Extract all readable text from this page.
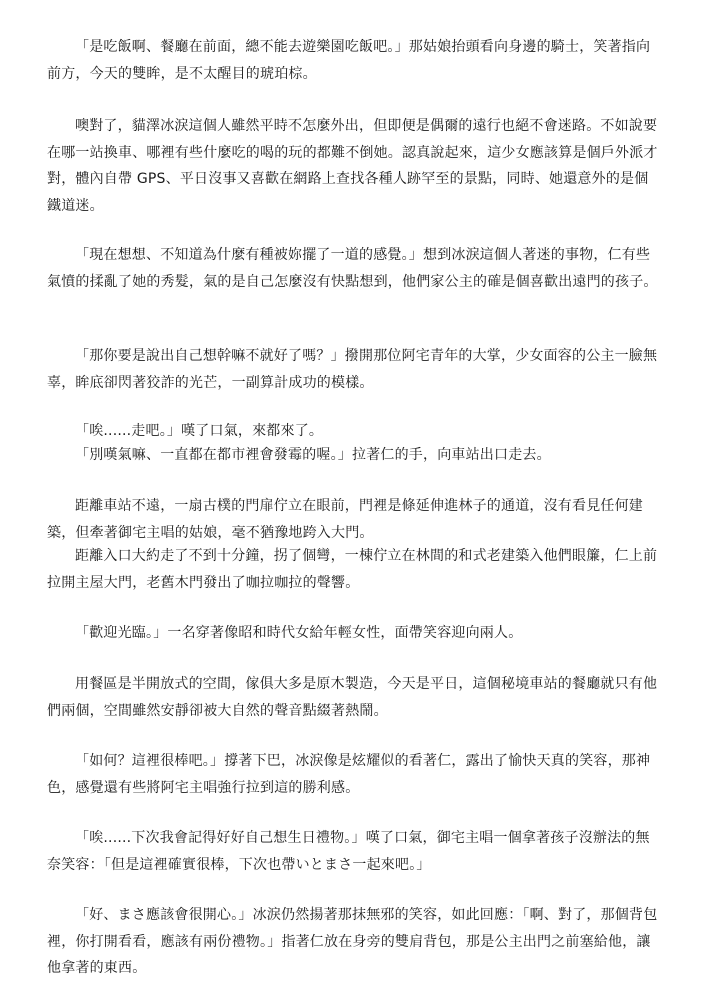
「是吃飯啊、餐廳在前面，總不能去遊樂園吃飯吧。」那姑娘抬頭看向身邊的騎士，笑著指向前方，今天的雙眸，是不太醒目的琥珀棕。

噢對了，貓澤冰淚這個人雖然平時不怎麼外出，但即便是偶爾的遠行也絕不會迷路。不如說要在哪一站換車、哪裡有些什麼吃的喝的玩的都難不倒她。認真說起來，這少女應該算是個戶外派才對，體內自帶 GPS、平日沒事又喜歡在網路上查找各種人跡罕至的景點，同時、她還意外的是個鐵道迷。

「現在想想、不知道為什麼有種被妳擺了一道的感覺。」想到冰淚這個人著迷的事物，仁有些氣憤的揉亂了她的秀髮，氣的是自己怎麼沒有快點想到，他們家公主的確是個喜歡出遠門的孩子。

「那你要是說出自己想幹嘛不就好了嗎？」撥開那位阿宅青年的大掌，少女面容的公主一臉無辜，眸底卻閃著狡詐的光芒，一副算計成功的模樣。

「唉......走吧。」嘆了口氣，來都來了。

「別嘆氣嘛、一直都在都市裡會發霉的喔。」拉著仁的手，向車站出口走去。

距離車站不遠，一扇古樸的門扉佇立在眼前，門裡是條延伸進林子的通道，沒有看見任何建築，但牽著御宅主唱的姑娘，毫不猶豫地跨入大門。

距離入口大約走了不到十分鐘，拐了個彎，一棟佇立在林間的和式老建築入他們眼簾，仁上前拉開主屋大門，老舊木門發出了咖拉咖拉的聲響。

「歡迎光臨。」一名穿著像昭和時代女給年輕女性，面帶笑容迎向兩人。

用餐區是半開放式的空間，傢俱大多是原木製造，今天是平日，這個秘境車站的餐廳就只有他們兩個，空間雖然安靜卻被大自然的聲音點綴著熱鬧。

「如何？這裡很棒吧。」撐著下巴，冰淚像是炫耀似的看著仁，露出了愉快天真的笑容，那神色，感覺還有些將阿宅主唱強行拉到這的勝利感。

「唉......下次我會記得好好自己想生日禮物。」嘆了口氣，御宅主唱一個拿著孩子沒辦法的無奈笑容：「但是這裡確實很棒，下次也帶いとまさ一起來吧。」

「好、まさ應該會很開心。」冰淚仍然揚著那抹無邪的笑容，如此回應：「啊、對了，那個背包裡，你打開看看，應該有兩份禮物。」指著仁放在身旁的雙肩背包，那是公主出門之前塞給他，讓他拿著的東西。
